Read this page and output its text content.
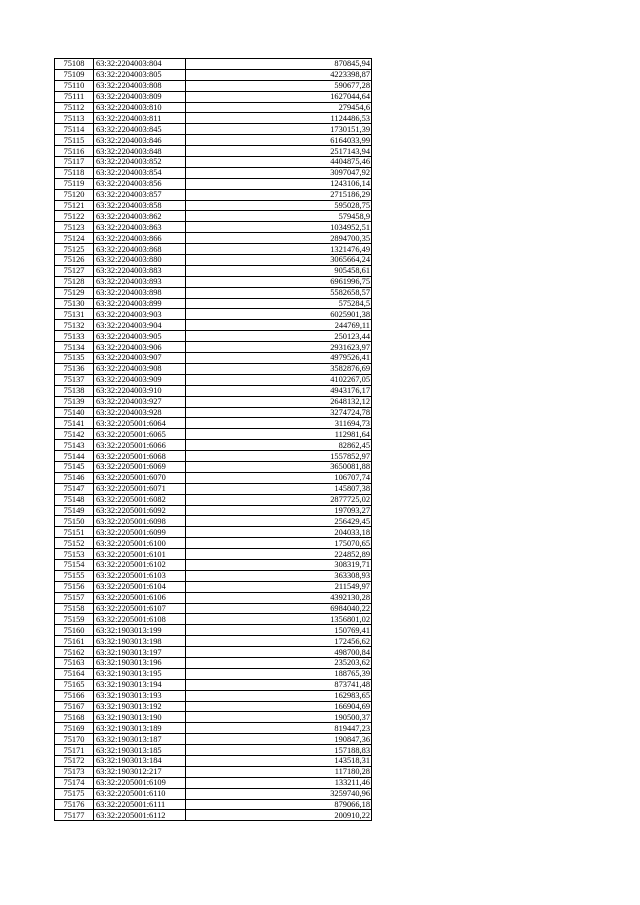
75108	63:32:2204003:804	870845,94
75109	63:32:2204003:805	4223398,87
75110	63:32:2204003:808	590677,28
75111	63:32:2204003:809	1627044,64
75112	63:32:2204003:810	279454,6
75113	63:32:2204003:811	1124486,53
75114	63:32:2204003:845	1730151,39
75115	63:32:2204003:846	6164033,99
75116	63:32:2204003:848	2517143,94
75117	63:32:2204003:852	4404875,46
75118	63:32:2204003:854	3097047,92
75119	63:32:2204003:856	1243106,14
75120	63:32:2204003:857	2715186,29
75121	63:32:2204003:858	595028,75
75122	63:32:2204003:862	579458,9
75123	63:32:2204003:863	1034952,51
75124	63:32:2204003:866	2894700,35
75125	63:32:2204003:868	1321476,49
75126	63:32:2204003:880	3065664,24
75127	63:32:2204003:883	905458,61
75128	63:32:2204003:893	6961996,75
75129	63:32:2204003:898	5582658,57
75130	63:32:2204003:899	575284,5
75131	63:32:2204003:903	6025901,38
75132	63:32:2204003:904	244769,11
75133	63:32:2204003:905	250123,44
75134	63:32:2204003:906	2931623,97
75135	63:32:2204003:907	4979526,41
75136	63:32:2204003:908	3582876,69
75137	63:32:2204003:909	4102267,05
75138	63:32:2204003:910	4943176,17
75139	63:32:2204003:927	2648132,12
75140	63:32:2204003:928	3274724,78
75141	63:32:2205001:6064	311694,73
75142	63:32:2205001:6065	112981,64
75143	63:32:2205001:6066	82862,45
75144	63:32:2205001:6068	1557852,97
75145	63:32:2205001:6069	3650081,88
75146	63:32:2205001:6070	106707,74
75147	63:32:2205001:6071	145807,38
75148	63:32:2205001:6082	2877725,02
75149	63:32:2205001:6092	197093,27
75150	63:32:2205001:6098	256429,45
75151	63:32:2205001:6099	204033,18
75152	63:32:2205001:6100	175070,65
75153	63:32:2205001:6101	224852,89
75154	63:32:2205001:6102	308319,71
75155	63:32:2205001:6103	363308,93
75156	63:32:2205001:6104	211549,97
75157	63:32:2205001:6106	4392130,28
75158	63:32:2205001:6107	6984040,22
75159	63:32:2205001:6108	1356801,02
75160	63:32:1903013:199	150769,41
75161	63:32:1903013:198	172456,62
75162	63:32:1903013:197	498700,84
75163	63:32:1903013:196	235203,62
75164	63:32:1903013:195	188765,39
75165	63:32:1903013:194	873741,48
75166	63:32:1903013:193	162983,65
75167	63:32:1903013:192	166904,69
75168	63:32:1903013:190	190500,37
75169	63:32:1903013:189	819447,23
75170	63:32:1903013:187	190847,36
75171	63:32:1903013:185	157188,83
75172	63:32:1903013:184	143518,31
75173	63:32:1903012:217	117180,28
75174	63:32:2205001:6109	133211,46
75175	63:32:2205001:6110	3259740,96
75176	63:32:2205001:6111	879066,18
75177	63:32:2205001:6112	200910,22
